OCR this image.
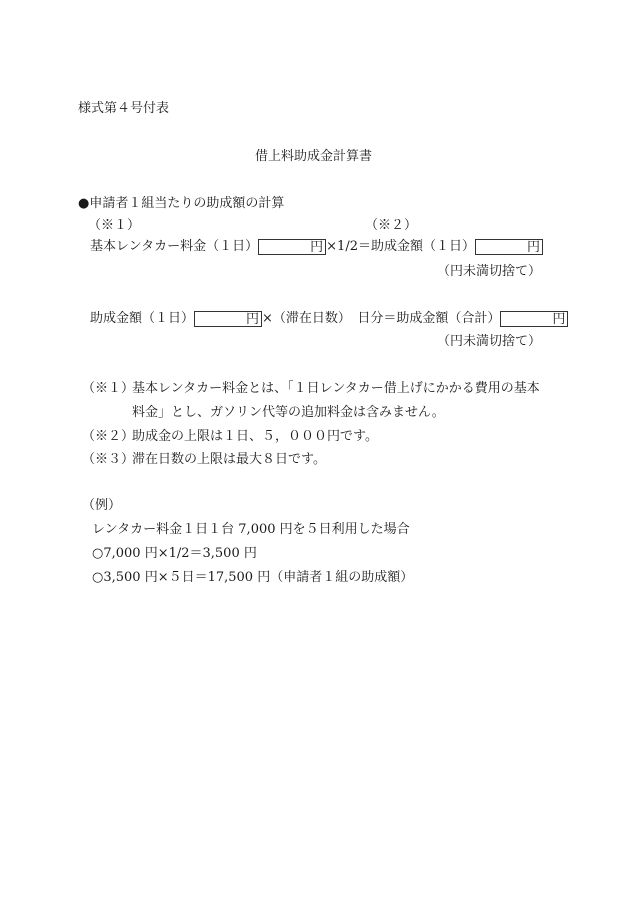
様式第４号付表
借上料助成金計算書
●申請者１組当たりの助成額の計算
（※１）	（※２）
基本レンタカー料金（１日）	円 ×1/2＝助成金額（１日）	円
（円未満切捨て）
助成金額（１日）	円 ×（滞在日数）　日分＝助成金額（合計）	円
（円未満切捨て）
（※１）
基本レンタカー料金とは、「１日レンタカー借上げにかかる費用の基本
料金」とし、ガソリン代等の追加料金は含みません。
（※２）
助成金の上限は１日、５，０００円です。
（※３）
滞在日数の上限は最大８日です。
（例）
レンタカー料金１日１台 7,000 円を５日利用した場合
○7,000 円×1/2＝3,500 円
○3,500 円×５日＝17,500 円（申請者１組の助成額）
